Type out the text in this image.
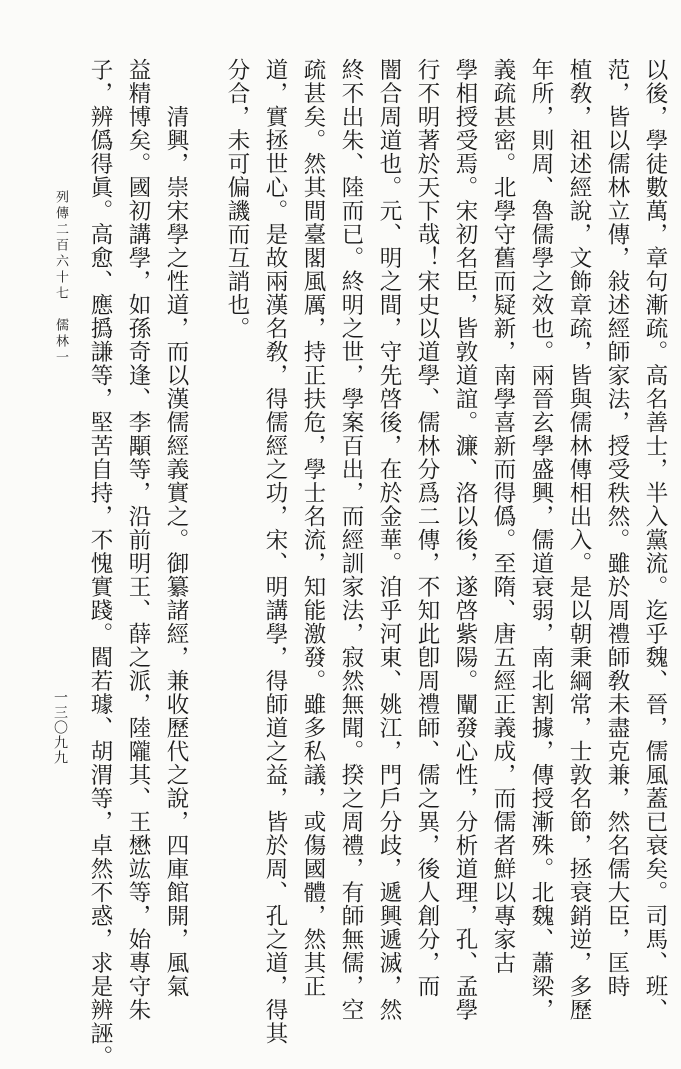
以後，學徒數萬，章句漸疏。高名善士，半入黨流。迄乎魏、晉，儒風蓋已衰矣。司馬、班、
范，皆以儒林立傳，敍述經師家法，授受秩然。雖於周禮師敎未盡克兼，然名儒大臣，匡時
植敎，祖述經說，文飾章疏，皆與儒林傳相出入。是以朝秉綱常，士敦名節，拯衰銷逆，多歷
年所，則周、魯儒學之效也。兩晉玄學盛興，儒道衰弱，南北割據，傳授漸殊。北魏、蕭梁，
義疏甚密。北學守舊而疑新，南學喜新而得僞。至隋、唐五經正義成，而儒者鮮以專家古
學相授受焉。宋初名臣，皆敦道誼。濂、洛以後，遂啓紫陽。闡發心性，分析道理，孔、孟學
行不明著於天下哉！宋史以道學、儒林分爲二傳，不知此卽周禮師、儒之異，後人創分，而
闇合周道也。元、明之間，守先啓後，在於金華。洎乎河東、姚江，門戶分歧，遞興遞滅，然
終不出朱、陸而已。終明之世，學案百出，而經訓家法，寂然無聞。揆之周禮，有師無儒，空
疏甚矣。然其間臺閣風厲，持正扶危，學士名流，知能激發。雖多私議，或傷國體，然其正
道，實拯世心。是故兩漢名敎，得儒經之功，宋、明講學，得師道之益，皆於周、孔之道，得其
分合，未可偏譏而互誚也。
　　清興，崇宋學之性道，而以漢儒經義實之。御纂諸經，兼收歷代之說，四庫館開，風氣
益精博矣。國初講學，如孫奇逢、李顒等，沿前明王、薛之派，陸隴其、王懋竑等，始專守朱
子，辨僞得眞。高愈、應撝謙等，堅苦自持，不愧實踐。閻若璩、胡渭等，卓然不惑，求是辨誣。
列傳二百六十七　儒林一
一三〇九九
